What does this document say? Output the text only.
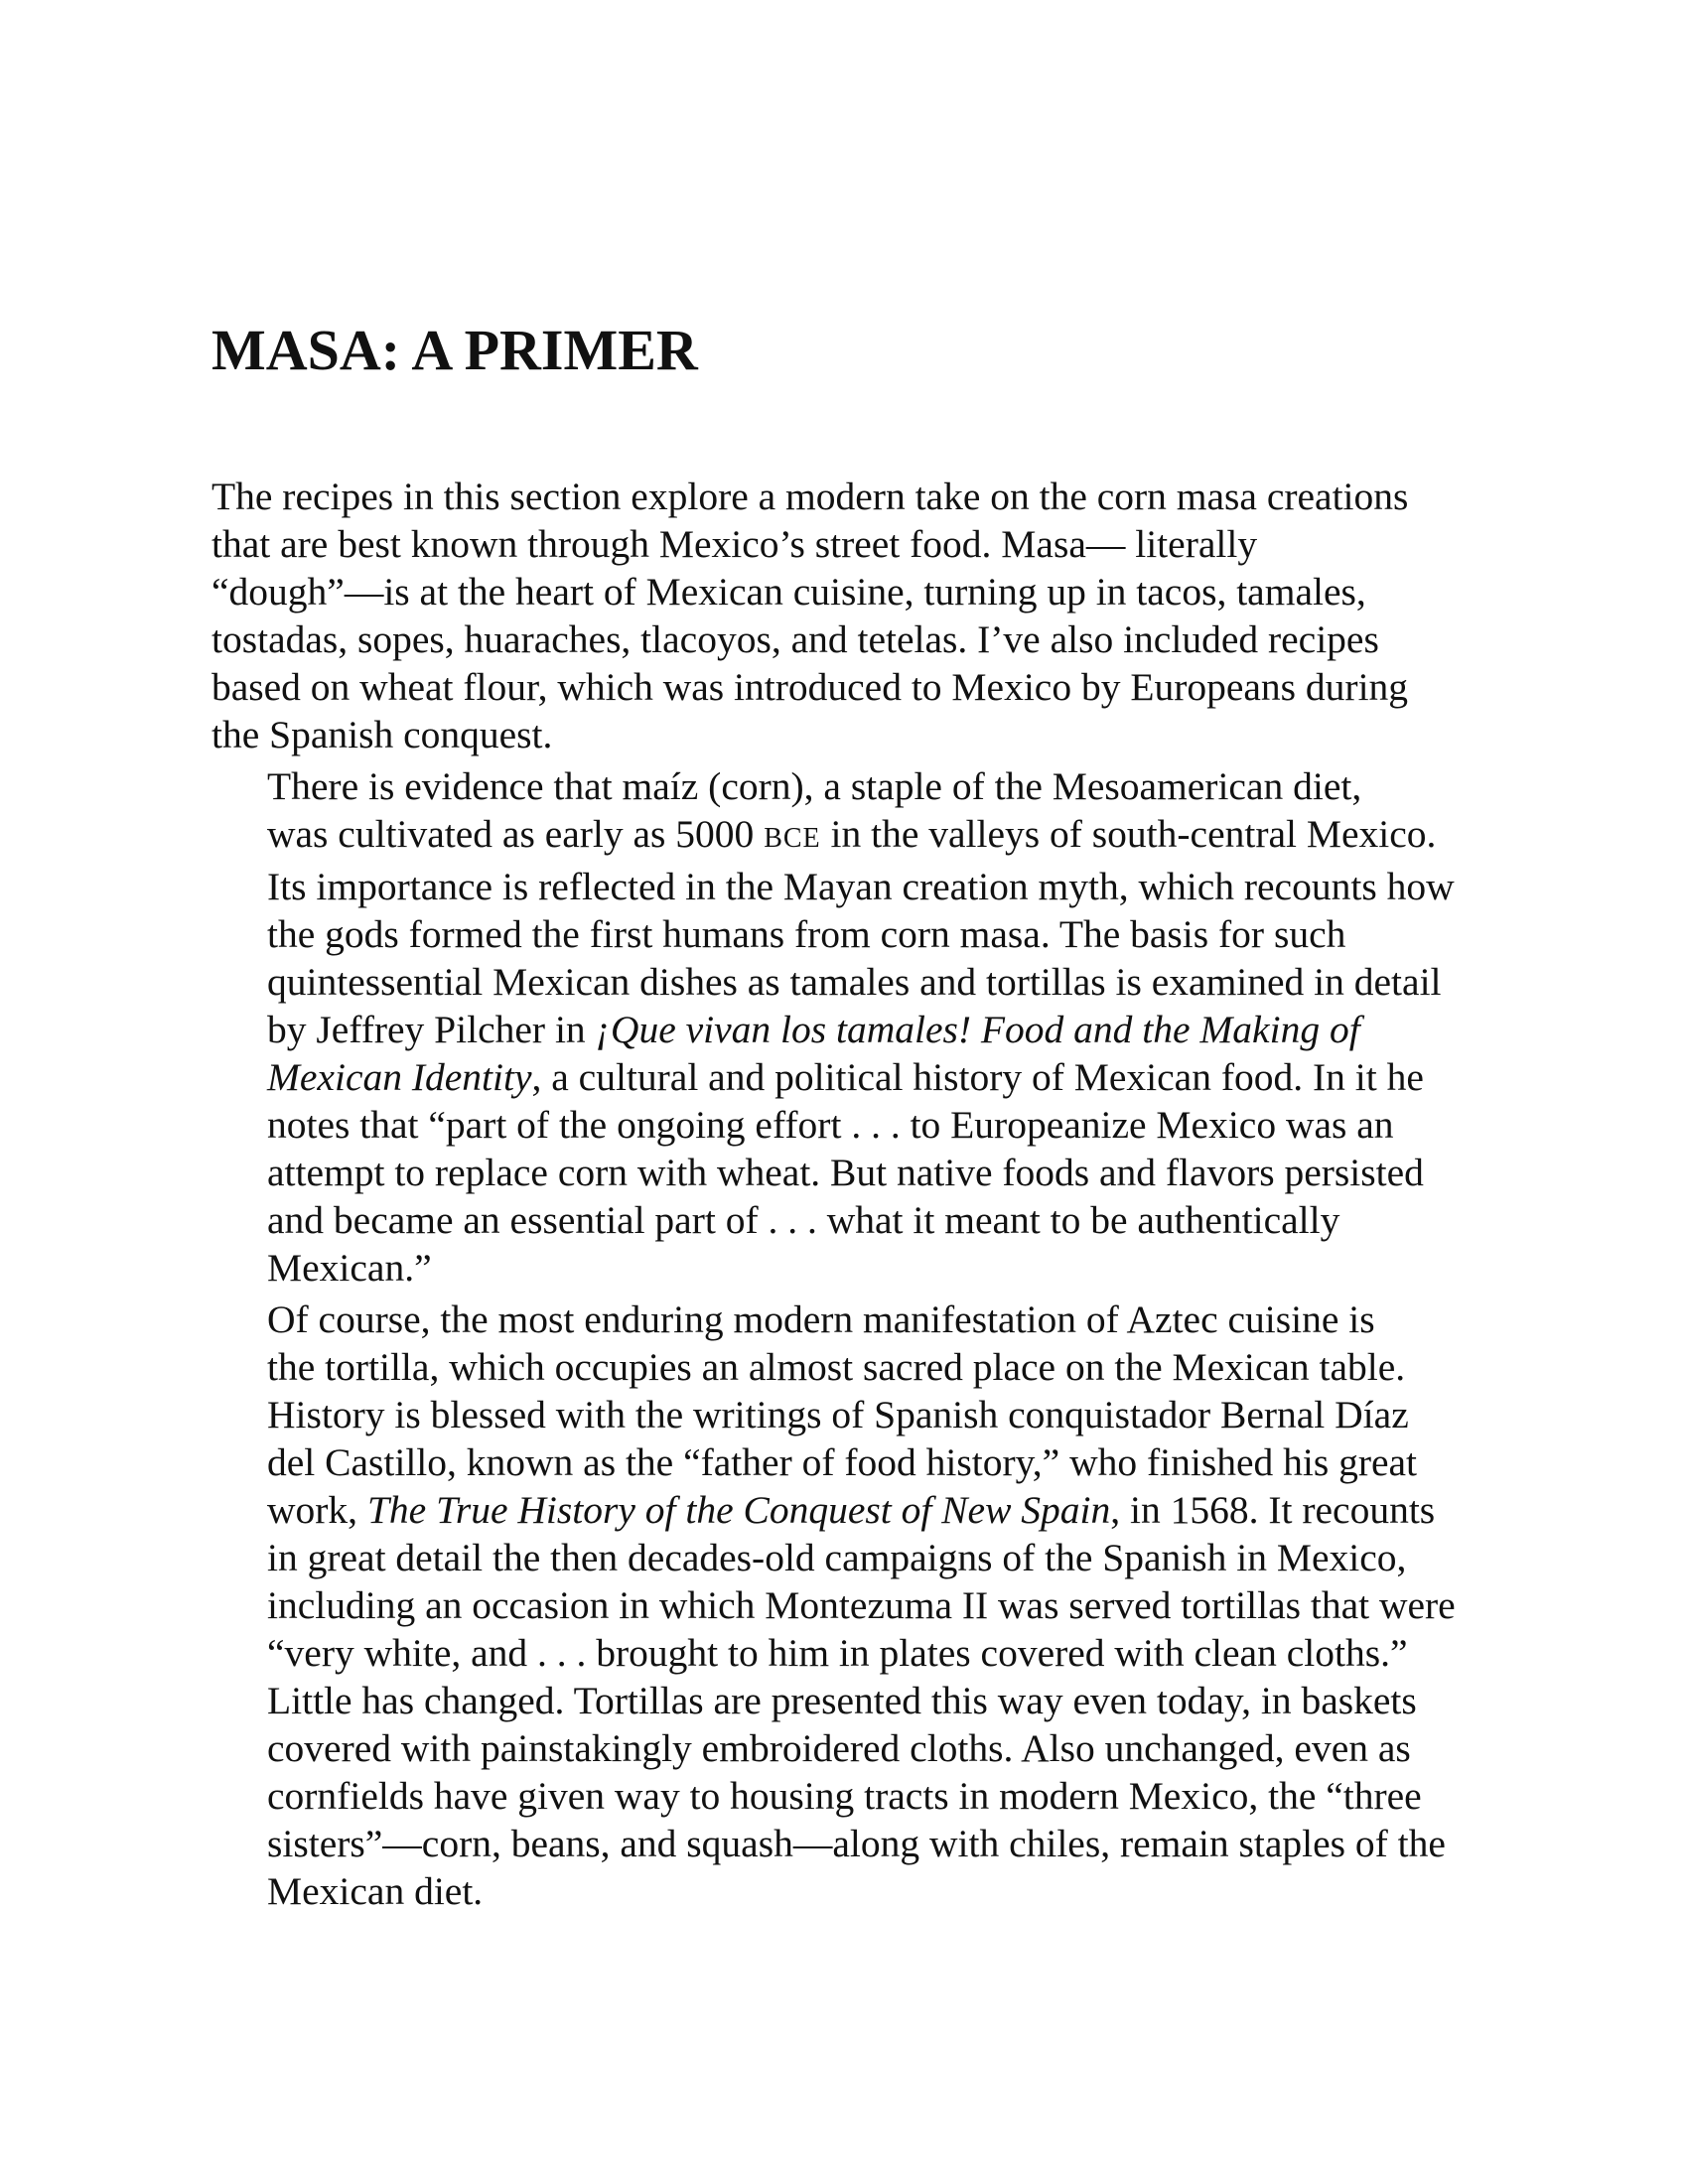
MASA: A PRIMER

The recipes in this section explore a modern take on the corn masa creations
that are best known through Mexico’s street food. Masa— literally
“dough”—is at the heart of Mexican cuisine, turning up in tacos, tamales,
tostadas, sopes, huaraches, tlacoyos, and tetelas. I’ve also included recipes
based on wheat flour, which was introduced to Mexico by Europeans during
the Spanish conquest.

There is evidence that maíz (corn), a staple of the Mesoamerican diet,
was cultivated as early as 5000 BCE in the valleys of south-central Mexico.
Its importance is reflected in the Mayan creation myth, which recounts how
the gods formed the first humans from corn masa. The basis for such
quintessential Mexican dishes as tamales and tortillas is examined in detail
by Jeffrey Pilcher in ¡Que vivan los tamales! Food and the Making of
Mexican Identity, a cultural and political history of Mexican food. In it he
notes that “part of the ongoing effort . . . to Europeanize Mexico was an
attempt to replace corn with wheat. But native foods and flavors persisted
and became an essential part of . . . what it meant to be authentically
Mexican.”

Of course, the most enduring modern manifestation of Aztec cuisine is
the tortilla, which occupies an almost sacred place on the Mexican table.
History is blessed with the writings of Spanish conquistador Bernal Díaz
del Castillo, known as the “father of food history,” who finished his great
work, The True History of the Conquest of New Spain, in 1568. It recounts
in great detail the then decades-old campaigns of the Spanish in Mexico,
including an occasion in which Montezuma II was served tortillas that were
“very white, and . . . brought to him in plates covered with clean cloths.”
Little has changed. Tortillas are presented this way even today, in baskets
covered with painstakingly embroidered cloths. Also unchanged, even as
cornfields have given way to housing tracts in modern Mexico, the “three
sisters”—corn, beans, and squash—along with chiles, remain staples of the
Mexican diet.
